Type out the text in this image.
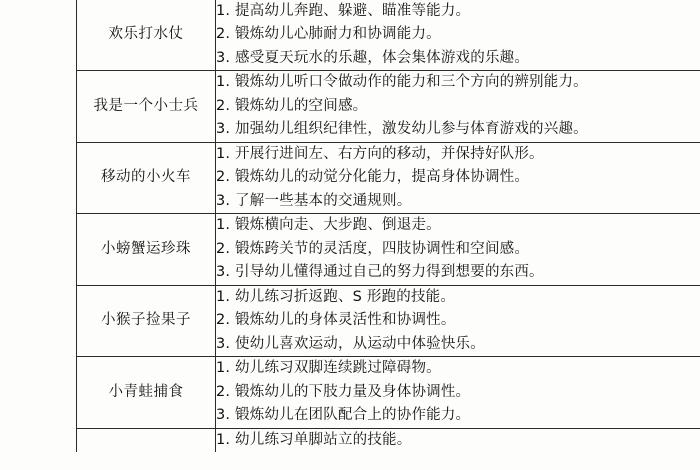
欢乐打水仗	
1. 提高幼儿奔跑、躲避、瞄准等能力。
2. 锻炼幼儿心肺耐力和协调能力。
3. 感受夏天玩水的乐趣，体会集体游戏的乐趣。

我是一个小士兵	
1. 锻炼幼儿听口令做动作的能力和三个方向的辨别能力。
2. 锻炼幼儿的空间感。
3. 加强幼儿组织纪律性，激发幼儿参与体育游戏的兴趣。

移动的小火车	
1. 开展行进间左、右方向的移动，并保持好队形。
2. 锻炼幼儿的动觉分化能力，提高身体协调性。
3. 了解一些基本的交通规则。

小螃蟹运珍珠	
1. 锻炼横向走、大步跑、倒退走。
2. 锻炼跨关节的灵活度，四肢协调性和空间感。
3. 引导幼儿懂得通过自己的努力得到想要的东西。

小猴子捡果子	
1. 幼儿练习折返跑、S 形跑的技能。
2. 锻炼幼儿的身体灵活性和协调性。
3. 使幼儿喜欢运动，从运动中体验快乐。

小青蛙捕食	
1. 幼儿练习双脚连续跳过障碍物。
2. 锻炼幼儿的下肢力量及身体协调性。
3. 锻炼幼儿在团队配合上的协作能力。

1. 幼儿练习单脚站立的技能。
